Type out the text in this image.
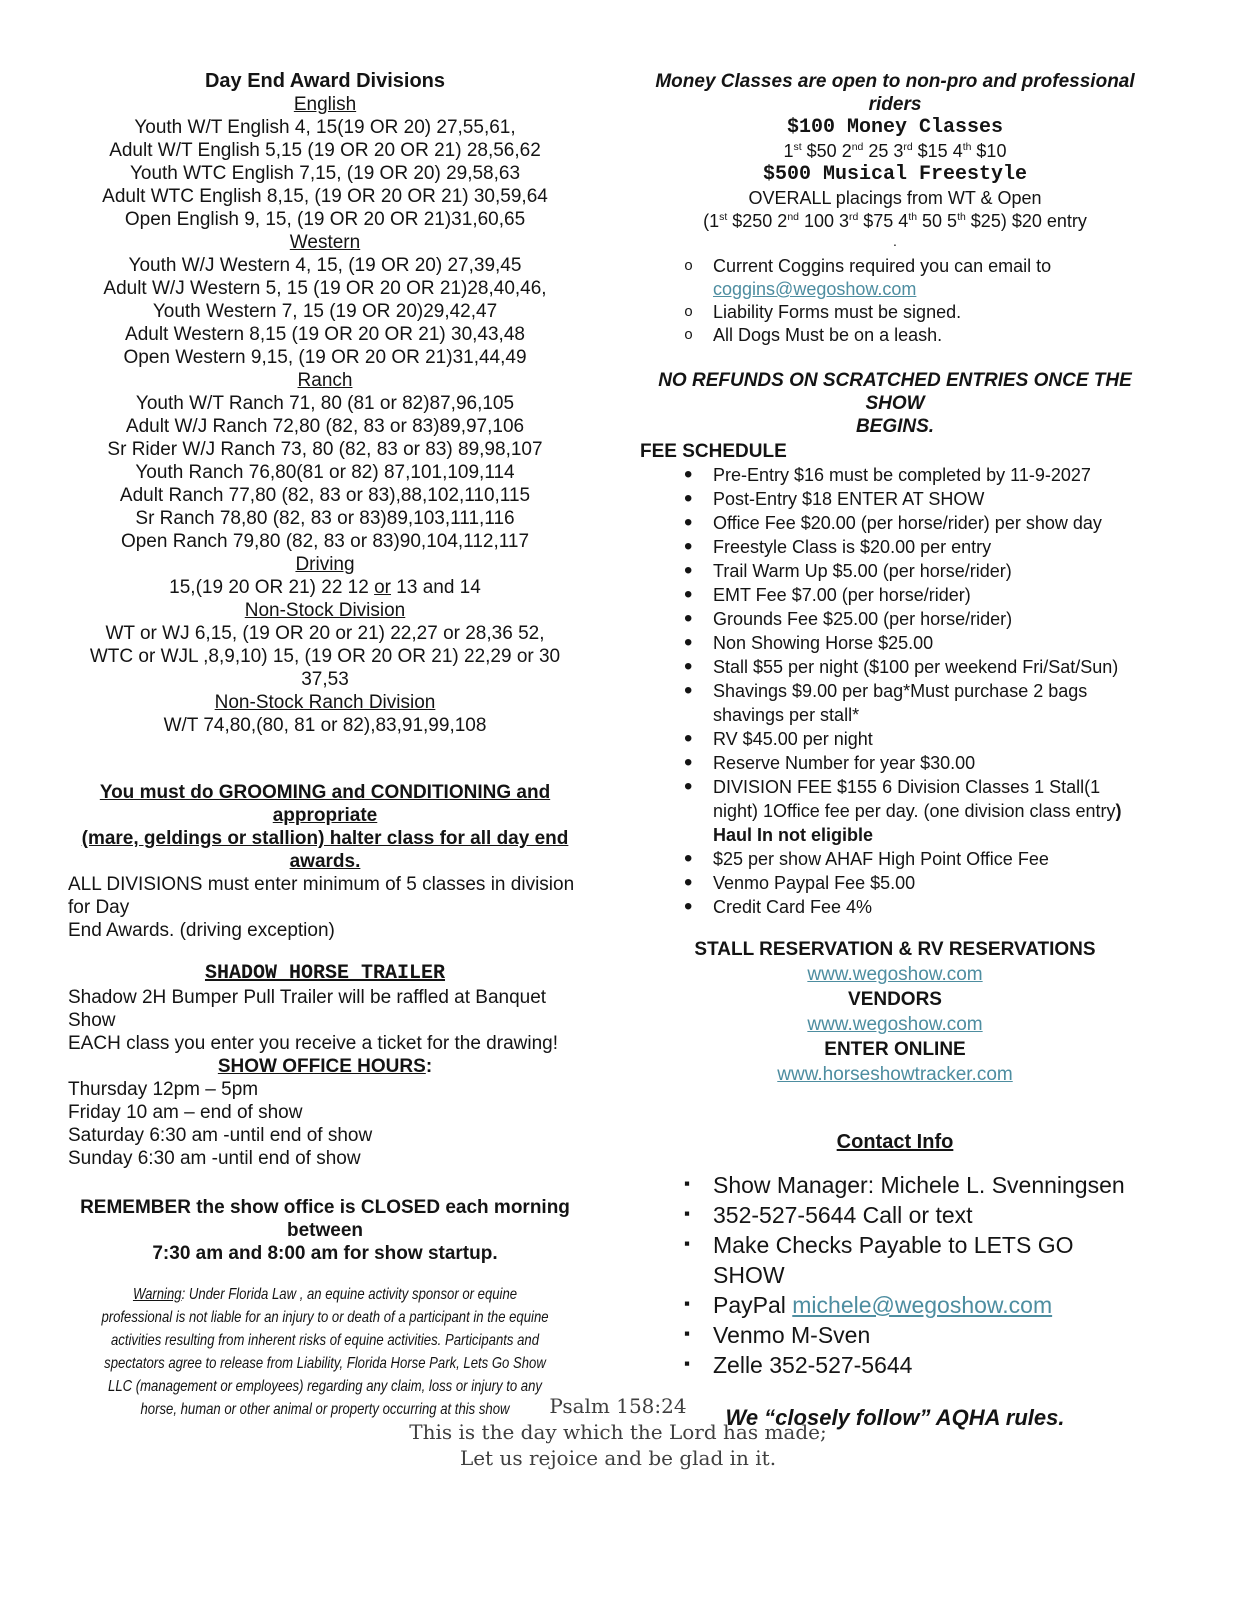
Day End Award Divisions
English
Youth W/T English 4, 15(19 OR 20) 27,55,61,
Adult W/T English 5,15 (19 OR 20 OR 21) 28,56,62
Youth WTC English 7,15, (19 OR 20) 29,58,63
Adult WTC English 8,15, (19 OR 20 OR 21) 30,59,64
Open English 9, 15, (19 OR 20 OR 21)31,60,65
Western
Youth W/J Western 4, 15, (19 OR 20) 27,39,45
Adult W/J Western 5, 15 (19 OR 20 OR 21)28,40,46,
Youth Western 7, 15 (19 OR 20)29,42,47
Adult Western 8,15 (19 OR 20 OR 21) 30,43,48
Open Western 9,15, (19 OR 20 OR 21)31,44,49
Ranch
Youth W/T Ranch 71, 80 (81 or 82)87,96,105
Adult W/J Ranch 72,80 (82, 83 or 83)89,97,106
Sr Rider W/J Ranch 73, 80 (82, 83 or 83) 89,98,107
Youth Ranch 76,80(81 or 82) 87,101,109,114
Adult Ranch 77,80 (82, 83 or 83),88,102,110,115
Sr Ranch 78,80 (82, 83 or 83)89,103,111,116
Open Ranch 79,80 (82, 83 or 83)90,104,112,117
Driving
15,(19 20 OR 21) 22 12 or 13 and 14
Non-Stock Division
WT or WJ 6,15, (19 OR 20 or 21) 22,27 or 28,36 52,
WTC or WJL ,8,9,10) 15, (19 OR 20 OR 21) 22,29 or 30 37,53
Non-Stock Ranch Division
W/T 74,80,(80, 81 or 82),83,91,99,108
You must do GROOMING and CONDITIONING and appropriate
(mare, geldings or stallion) halter class for all day end awards.
ALL DIVISIONS must enter minimum of 5 classes in division for Day
End Awards. (driving exception)
SHADOW HORSE TRAILER
Shadow 2H Bumper Pull Trailer will be raffled at Banquet Show
EACH class you enter you receive a ticket for the drawing!
SHOW OFFICE HOURS:
Thursday 12pm – 5pm
Friday 10 am – end of show
Saturday 6:30 am -until end of show
Sunday 6:30 am -until end of show
REMEMBER the show office is CLOSED each morning between
7:30 am and 8:00 am for show startup.
Warning: Under Florida Law , an equine activity sponsor or equine
professional is not liable for an injury to or death of a participant in the equine
activities resulting from inherent risks of equine activities. Participants and
spectators agree to release from Liability, Florida Horse Park, Lets Go Show
LLC (management or employees) regarding any claim, loss or injury to any
horse, human or other animal or property occurring at this show
Money Classes are open to non-pro and professional riders
$100 Money Classes
1st $50 2nd 25 3rd $15 4th $10
$500 Musical Freestyle
OVERALL placings from WT & Open
(1st $250 2nd 100 3rd $75 4th 50 5th $25) $20 entry
.
o Current Coggins required you can email to
coggins@wegoshow.com
o Liability Forms must be signed.
o All Dogs Must be on a leash.
NO REFUNDS ON SCRATCHED ENTRIES ONCE THE SHOW
BEGINS.
FEE SCHEDULE
• Pre-Entry $16 must be completed by 11-9-2027
• Post-Entry $18 ENTER AT SHOW
• Office Fee $20.00 (per horse/rider) per show day
• Freestyle Class is $20.00 per entry
• Trail Warm Up $5.00 (per horse/rider)
• EMT Fee $7.00 (per horse/rider)
• Grounds Fee $25.00 (per horse/rider)
• Non Showing Horse $25.00
• Stall $55 per night ($100 per weekend Fri/Sat/Sun)
• Shavings $9.00 per bag*Must purchase 2 bags shavings per stall*
• RV $45.00 per night
• Reserve Number for year $30.00
• DIVISION FEE $155 6 Division Classes 1 Stall(1 night) 1Office fee per day. (one division class entry) Haul In not eligible
• $25 per show AHAF High Point Office Fee
• Venmo Paypal Fee $5.00
• Credit Card Fee 4%
STALL RESERVATION & RV RESERVATIONS
www.wegoshow.com
VENDORS
www.wegoshow.com
ENTER ONLINE
www.horseshowtracker.com
Contact Info
▪ Show Manager: Michele L. Svenningsen
▪ 352-527-5644 Call or text
▪ Make Checks Payable to LETS GO SHOW
▪ PayPal michele@wegoshow.com
▪ Venmo M-Sven
▪ Zelle 352-527-5644
We “closely follow” AQHA rules.
Psalm 158:24
This is the day which the Lord has made;
Let us rejoice and be glad in it.
